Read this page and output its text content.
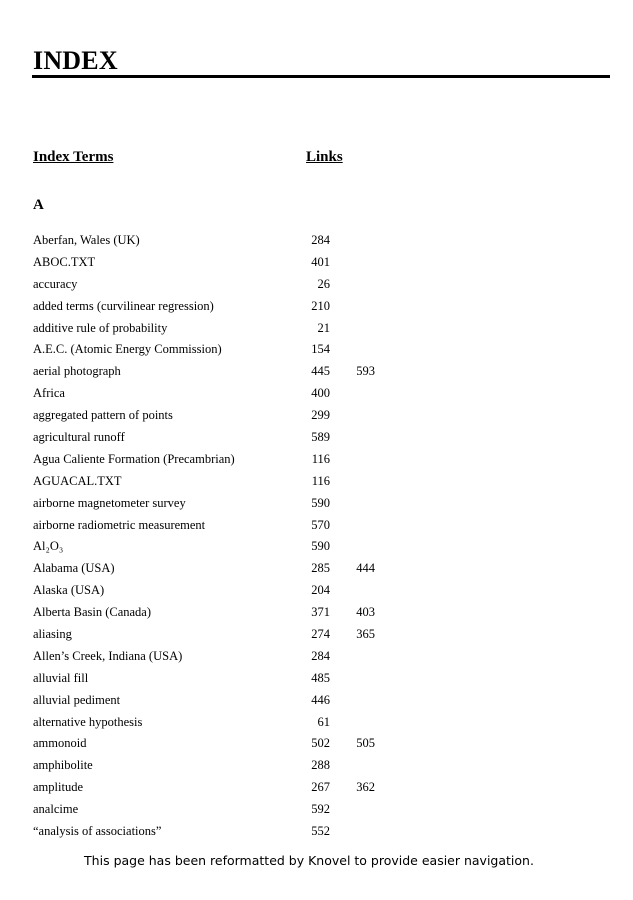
INDEX
Index Terms	Links
A
Aberfan, Wales (UK)	284
ABOC.TXT	401
accuracy	26
added terms (curvilinear regression)	210
additive rule of probability	21
A.E.C. (Atomic Energy Commission)	154
aerial photograph	445	593
Africa	400
aggregated pattern of points	299
agricultural runoff	589
Agua Caliente Formation (Precambrian)	116
AGUACAL.TXT	116
airborne magnetometer survey	590
airborne radiometric measurement	570
Al₂O₃	590
Alabama (USA)	285	444
Alaska (USA)	204
Alberta Basin (Canada)	371	403
aliasing	274	365
Allen’s Creek, Indiana (USA)	284
alluvial fill	485
alluvial pediment	446
alternative hypothesis	61
ammonoid	502	505
amphibolite	288
amplitude	267	362
analcime	592
“analysis of associations”	552
This page has been reformatted by Knovel to provide easier navigation.
